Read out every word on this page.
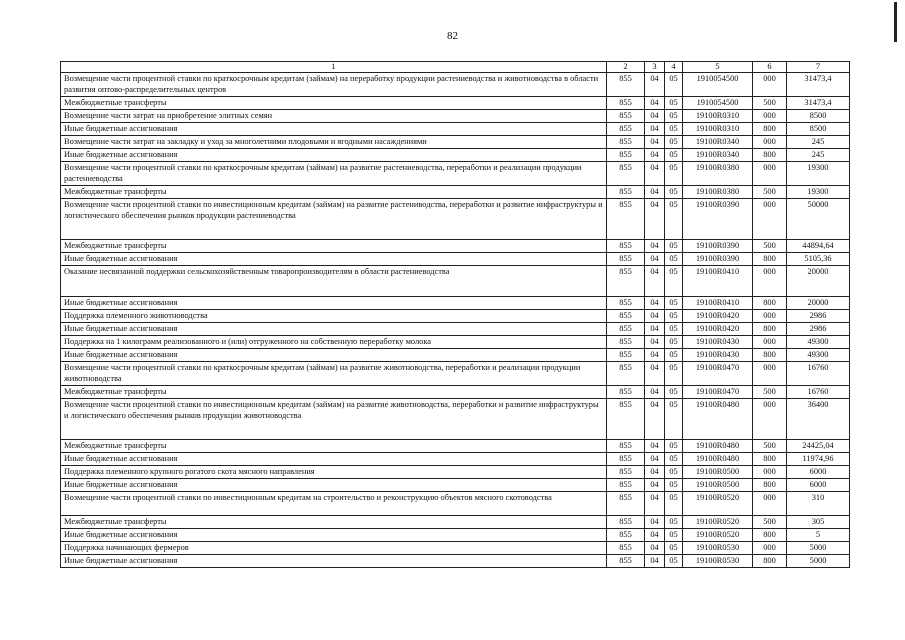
82
1	2	3	4	5	6	7
Возмещение части процентной ставки по краткосрочным кредитам (займам) на переработку продукции растениеводства и животноводства в области развития оптово-распределительных центров	855	04	05	1910054500	000	31473,4
Межбюджетные трансферты	855	04	05	1910054500	500	31473,4
Возмещение части затрат на приобретение элитных семян	855	04	05	19100R0310	000	8500
Иные бюджетные ассигнования	855	04	05	19100R0310	800	8500
Возмещение части затрат на закладку и уход за многолетними плодовыми и ягодными насаждениями	855	04	05	19100R0340	000	245
Иные бюджетные ассигнования	855	04	05	19100R0340	800	245
Возмещение части процентной ставки по краткосрочным кредитам (займам) на развитие растениеводства, переработки и реализации продукции растениеводства	855	04	05	19100R0380	000	19300
Межбюджетные трансферты	855	04	05	19100R0380	500	19300
Возмещение части процентной ставки по инвестиционным кредитам (займам) на развитие растениводства, переработки и развитие инфраструктуры и логистического обеспечения рынков продукции растениеводства	855	04	05	19100R0390	000	50000
Межбюджетные трансферты	855	04	05	19100R0390	500	44894,64
Иные бюджетные ассигнования	855	04	05	19100R0390	800	5105,36
Оказание несвязанной поддержки сельскохозяйственным товаропроизводителям в области растениеводства	855	04	05	19100R0410	000	20000
Иные бюджетные ассигнования	855	04	05	19100R0410	800	20000
Поддержка племенного животноводства	855	04	05	19100R0420	000	2986
Иные бюджетные ассигнования	855	04	05	19100R0420	800	2986
Поддержка на 1 килограмм реализованного и (или) отгруженного на собственную переработку молока	855	04	05	19100R0430	000	49300
Иные бюджетные ассигнования	855	04	05	19100R0430	800	49300
Возмещение части процентной ставки по краткосрочным кредитам (займам) на развитие животноводства, переработки и реализации продукции животноводства	855	04	05	19100R0470	000	16760
Межбюджетные трансферты	855	04	05	19100R0470	500	16760
Возмещение части процентной ставки по инвестиционным кредитам (займам) на развитие животноводства, переработки и развитие инфраструктуры и логистического обеспечения рынков продукции животноводства	855	04	05	19100R0480	000	36400
Межбюджетные трансферты	855	04	05	19100R0480	500	24425,04
Иные бюджетные ассигнования	855	04	05	19100R0480	800	11974,96
Поддержка племенного крупного рогатого скота мясного направления	855	04	05	19100R0500	000	6000
Иные бюджетные ассигнования	855	04	05	19100R0500	800	6000
Возмещение части процентной ставки по инвестиционным кредитам на строительство и реконструкцию объектов мясного скотоводства	855	04	05	19100R0520	000	310
Межбюджетные трансферты	855	04	05	19100R0520	500	305
Иные бюджетные ассигнования	855	04	05	19100R0520	800	5
Поддержка начинающих фермеров	855	04	05	19100R0530	000	5000
Иные бюджетные ассигнования	855	04	05	19100R0530	800	5000
